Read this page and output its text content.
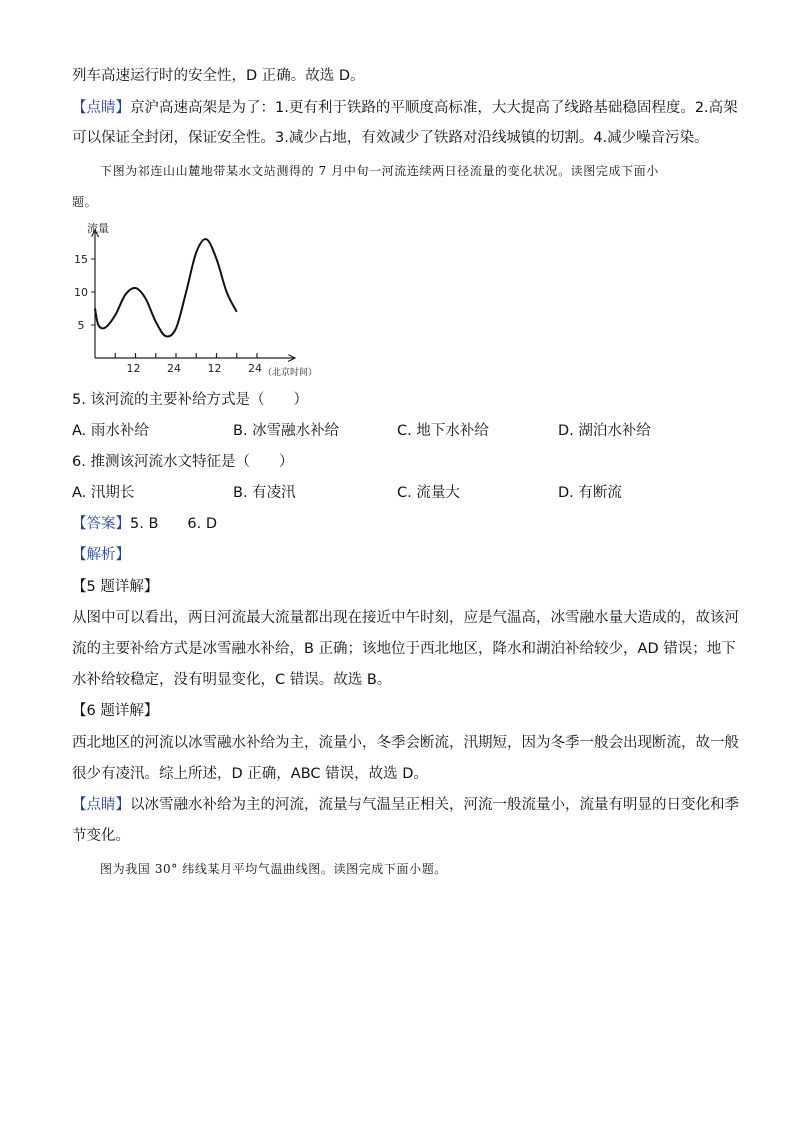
列车高速运行时的安全性，D 正确。故选 D。
【点睛】京沪高速高架是为了：1.更有利于铁路的平顺度高标准，大大提高了线路基础稳固程度。2.高架
可以保证全封闭，保证安全性。3.减少占地，有效减少了铁路对沿线城镇的切割。4.减少噪音污染。
下图为祁连山山麓地带某水文站测得的 7 月中旬一河流连续两日径流量的变化状况。读图完成下面小
题。
流量
（北京时间）
5
10
15
12 24 12 24
5. 该河流的主要补给方式是（　　）
A. 雨水补给	B. 冰雪融水补给	C. 地下水补给	D. 湖泊水补给
6. 推测该河流水文特征是（　　）
A. 汛期长	B. 有凌汛	C. 流量大	D. 有断流
【答案】5. B　　6. D
【解析】
【5 题详解】
从图中可以看出，两日河流最大流量都出现在接近中午时刻，应是气温高，冰雪融水量大造成的，故该河
流的主要补给方式是冰雪融水补给，B 正确；该地位于西北地区，降水和湖泊补给较少，AD 错误；地下
水补给较稳定，没有明显变化，C 错误。故选 B。
【6 题详解】
西北地区的河流以冰雪融水补给为主，流量小，冬季会断流，汛期短，因为冬季一般会出现断流，故一般
很少有凌汛。综上所述，D 正确，ABC 错误，故选 D。
【点睛】以冰雪融水补给为主的河流，流量与气温呈正相关，河流一般流量小，流量有明显的日变化和季
节变化。
图为我国 30° 纬线某月平均气温曲线图。读图完成下面小题。
